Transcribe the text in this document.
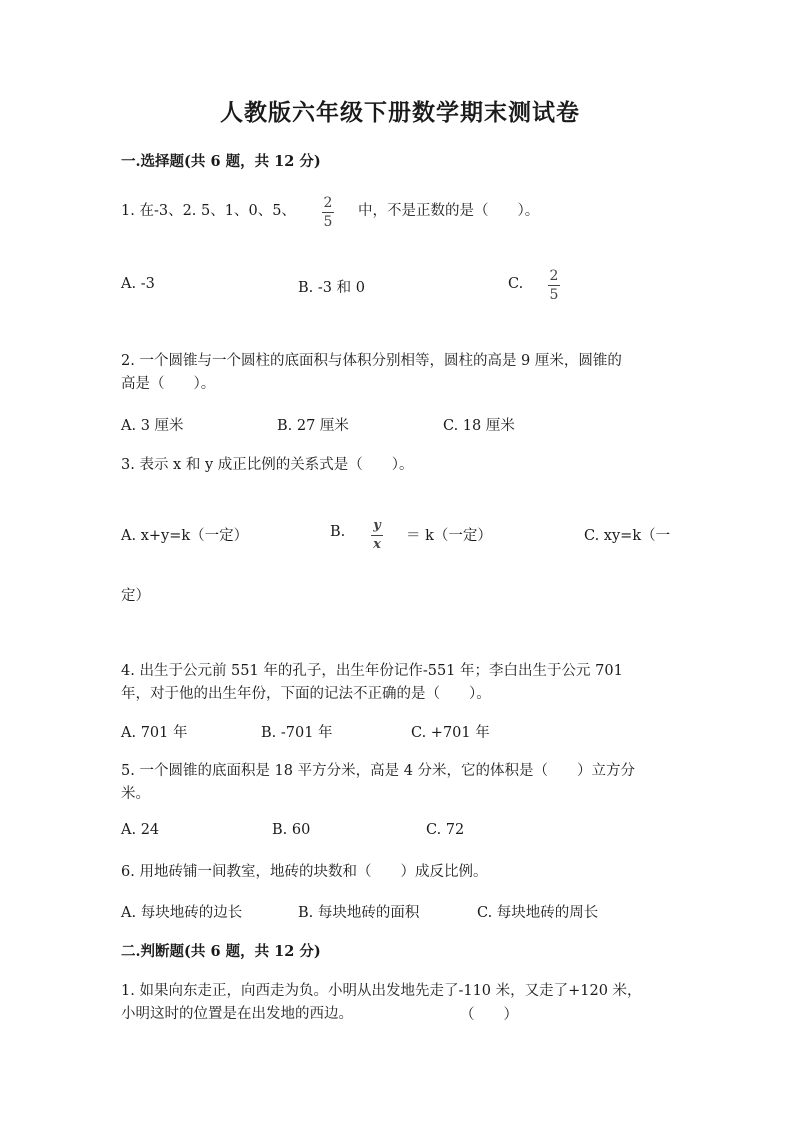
人教版六年级下册数学期末测试卷
一.选择题(共 6 题，共 12 分)
1. 在-3、2. 5、1、0、5、 2
5
中，不是正数的是（　　）。
A. -3	B. -3 和 0	C. 2
5
2. 一个圆锥与一个圆柱的底面积与体积分别相等，圆柱的高是 9 厘米，圆锥的
高是（　　）。
A. 3 厘米	B. 27 厘米	C. 18 厘米
3. 表示 x 和 y 成正比例的关系式是（　　）。
A. x+y=k（一定）	B. y
x
＝ k（一定）	C. xy=k（一
定）
4. 出生于公元前 551 年的孔子，出生年份记作-551 年；李白出生于公元 701
年，对于他的出生年份，下面的记法不正确的是（　　）。
A. 701 年	B. -701 年	C. +701 年
5. 一个圆锥的底面积是 18 平方分米，高是 4 分米，它的体积是（　　）立方分
米。
A. 24	B. 60	C. 72
6. 用地砖铺一间教室，地砖的块数和（　　）成反比例。
A. 每块地砖的边长	B. 每块地砖的面积	C. 每块地砖的周长
二.判断题(共 6 题，共 12 分)
1. 如果向东走正，向西走为负。小明从出发地先走了-110 米，又走了+120 米，
小明这时的位置是在出发地的西边。	（　　）
